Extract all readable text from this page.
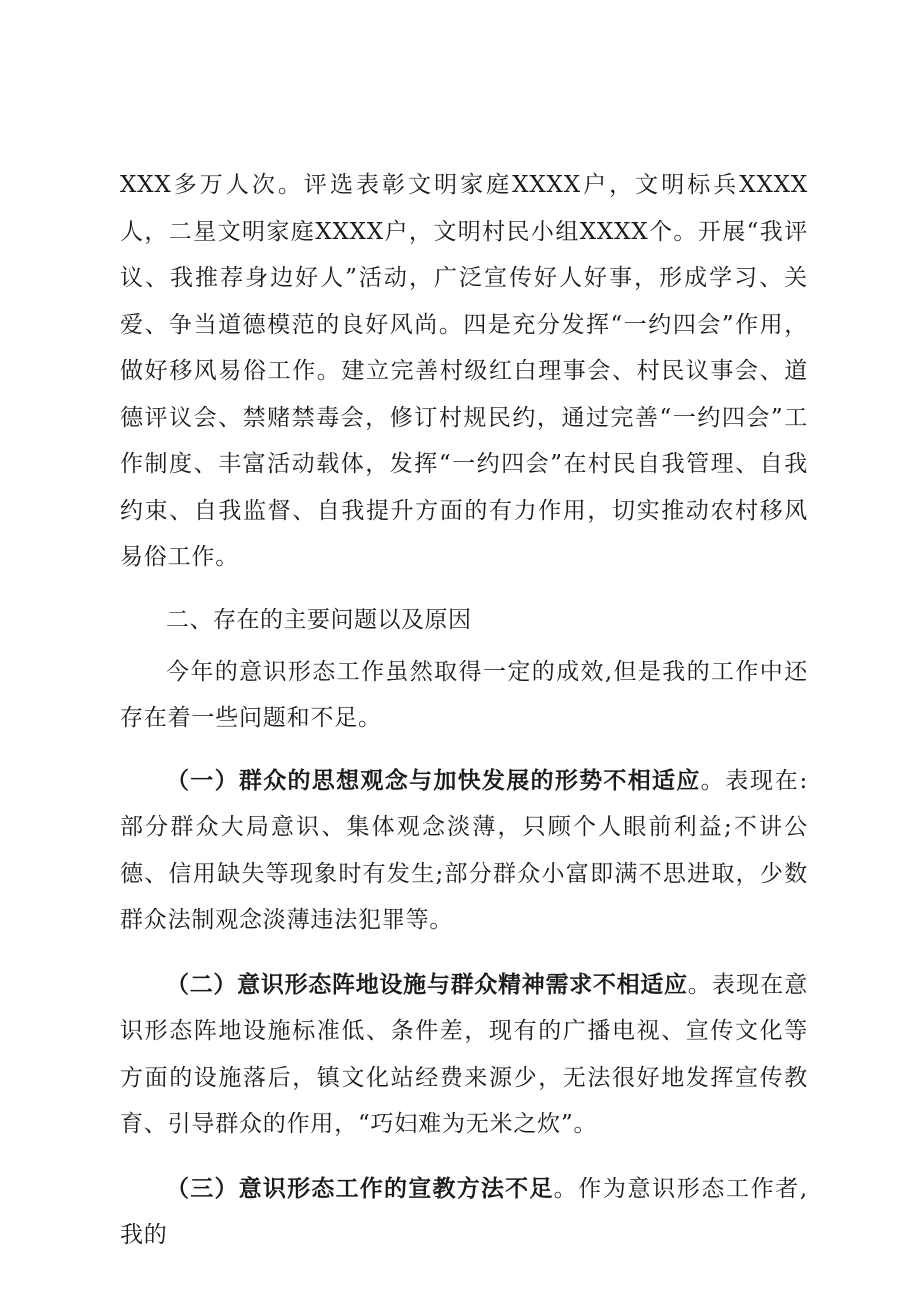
XXX多万人次。评选表彰文明家庭XXXX户，文明标兵XXXX人，二星文明家庭XXXX户，文明村民小组XXXX个。开展“我评议、我推荐身边好人”活动，广泛宣传好人好事，形成学习、关爱、争当道德模范的良好风尚。四是充分发挥“一约四会”作用，做好移风易俗工作。建立完善村级红白理事会、村民议事会、道德评议会、禁赌禁毒会，修订村规民约，通过完善“一约四会”工作制度、丰富活动载体，发挥“一约四会”在村民自我管理、自我约束、自我监督、自我提升方面的有力作用，切实推动农村移风易俗工作。

二、存在的主要问题以及原因

今年的意识形态工作虽然取得一定的成效,但是我的工作中还存在着一些问题和不足。

（一）群众的思想观念与加快发展的形势不相适应。表现在:部分群众大局意识、集体观念淡薄，只顾个人眼前利益;不讲公德、信用缺失等现象时有发生;部分群众小富即满不思进取，少数群众法制观念淡薄违法犯罪等。

（二）意识形态阵地设施与群众精神需求不相适应。表现在意识形态阵地设施标准低、条件差，现有的广播电视、宣传文化等方面的设施落后，镇文化站经费来源少，无法很好地发挥宣传教育、引导群众的作用，“巧妇难为无米之炊”。

（三）意识形态工作的宣教方法不足。作为意识形态工作者,我的
